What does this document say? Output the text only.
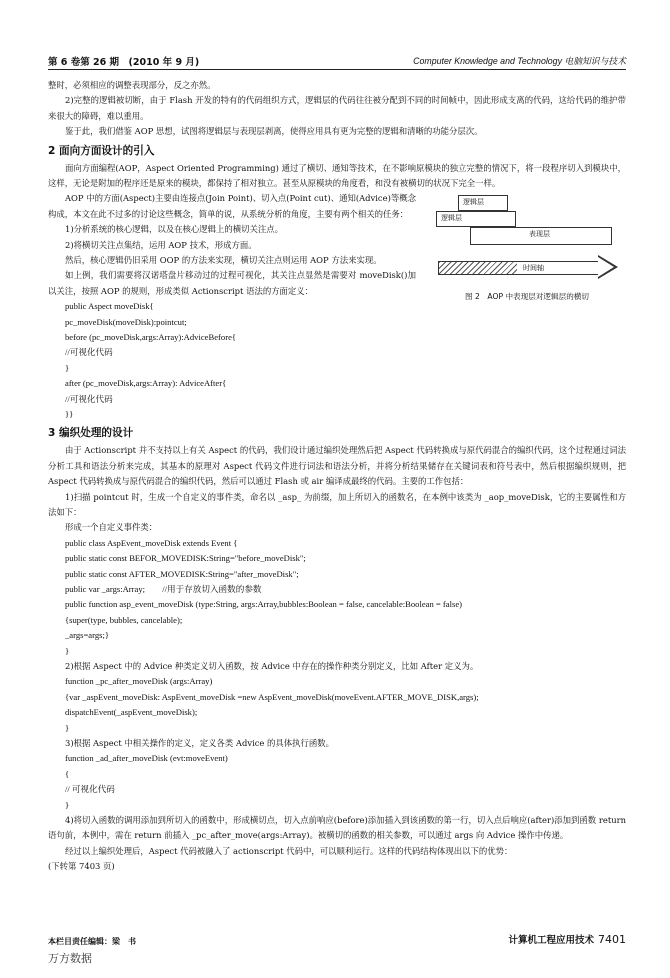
第 6 卷第 26 期　(2010 年 9 月)	Computer Knowledge and Technology 电脑知识与技术

整时，必须相应的调整表现部分，反之亦然。

2)完整的逻辑被切断，由于 Flash 开发的特有的代码组织方式，逻辑层的代码往往被分配到不同的时间帧中，因此形成支离的代码，这给代码的维护带来很大的障碍，难以重用。

鉴于此，我们借鉴 AOP 思想，试图将逻辑层与表现层剥离，使得应用具有更为完整的逻辑和清晰的功能分层次。

2 面向方面设计的引入

面向方面编程(AOP，Aspect Oriented Programming) 通过了横切、通知等技术，在不影响原模块的独立完整的情况下，将一段程序切入到模块中，这样，无论是附加的程序还是原来的模块，都保持了相对独立。甚至从原模块的角度看，和没有被横切的状况下完全一样。

逻辑层
逻辑层
表现层
时间轴
图 2　AOP 中表现层对逻辑层的横切

AOP 中的方面(Aspect)主要由连接点(Join Point)、切入点(Point cut)、通知(Advice)等概念构成，本文在此不过多的讨论这些概念，简单的说，从系统分析的角度，主要有两个相关的任务：

1)分析系统的核心逻辑，以及在核心逻辑上的横切关注点。

2)将横切关注点集结，运用 AOP 技术，形成方面。

然后，核心逻辑仍旧采用 OOP 的方法来实现，横切关注点则运用 AOP 方法来实现。

如上例，我们需要将汉诺塔盘片移动过的过程可视化，其关注点显然是需要对 moveDisk()加以关注，按照 AOP 的规则，形成类似 Actionscript 语法的方面定义：

public Aspect moveDisk{
pc_moveDisk(moveDisk):pointcut;
before (pc_moveDisk,args:Array):AdviceBefore{
//可视化代码
}
after (pc_moveDisk,args:Array): AdviceAfter{
//可视化代码
}}

3 编织处理的设计

由于 Actionscript 并不支持以上有关 Aspect 的代码，我们设计通过编织处理然后把 Aspect 代码转换成与原代码混合的编织代码，这个过程通过词法分析工具和语法分析来完成，其基本的原理对 Aspect 代码文件进行词法和语法分析，并将分析结果储存在关键词表和符号表中，然后根据编织规则，把 Aspect 代码转换成与原代码混合的编织代码，然后可以通过 Flash 或 air 编译成最终的代码。主要的工作包括：

1)扫描 pointcut 时，生成一个自定义的事件类，命名以 _asp_ 为前缀，加上所切入的函数名，在本例中该类为 _aop_moveDisk，它的主要属性和方法如下：

形成一个自定义事件类：

public class AspEvent_moveDisk extends Event {
public static const BEFOR_MOVEDISK:String="before_moveDisk";
public static const AFTER_MOVEDISK:String="after_moveDisk";
public var _args:Array;        //用于存放切入函数的参数
public function asp_event_moveDisk (type:String, args:Array,bubbles:Boolean = false, cancelable:Boolean = false)
{super(type, bubbles, cancelable);
_args=args;}
}

2)根据 Aspect 中的 Advice 种类定义切入函数，按 Advice 中存在的操作种类分别定义，比如 After 定义为。

function _pc_after_moveDisk (args:Array)
{var _aspEvent_moveDisk: AspEvent_moveDisk =new AspEvent_moveDisk(moveEvent.AFTER_MOVE_DISK,args);
dispatchEvent(_aspEvent_moveDisk);
}

3)根据 Aspect 中相关操作的定义，定义各类 Advice 的具体执行函数。

function _ad_after_moveDisk (evt:moveEvent)
{
// 可视化代码
}

4)将切入函数的调用添加到所切入的函数中，形成横切点，切入点前响应(before)添加插入到该函数的第一行，切入点后响应(after)添加到函数 return 语句前，本例中，需在 return 前插入 _pc_after_move(args:Array)。被横切的函数的相关参数，可以通过 args 向 Advice 操作中传递。

经过以上编织处理后，Aspect 代码被融入了 actionscript 代码中，可以顺利运行。这样的代码结构体现出以下的优势：

(下转第 7403 页)

本栏目责任编辑：梁　书	计算机工程应用技术 7401
万方数据
